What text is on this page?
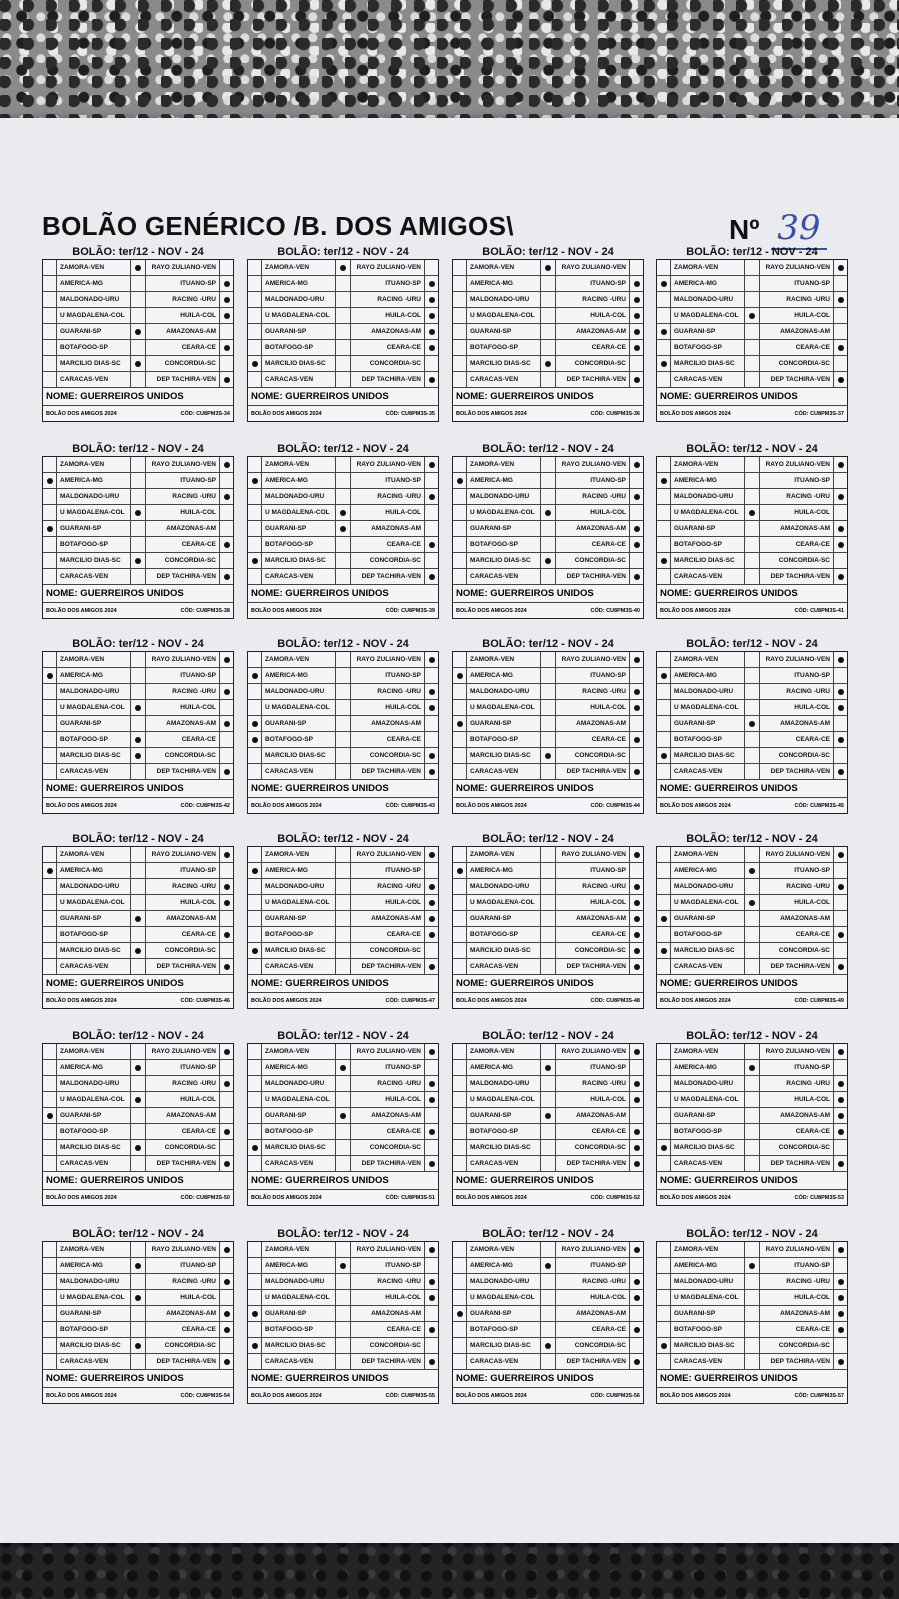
BOLÃO GENÉRICO /B. DOS AMIGOS\	Nº 39
BOLÃO: ter/12 - NOV - 24
ZAMORA-VEN	RAYO ZULIANO-VEN
AMERICA-MG	ITUANO-SP
MALDONADO-URU	RACING -URU
U MAGDALENA-COL	HUILA-COL
GUARANI-SP	AMAZONAS-AM
BOTAFOGO-SP	CEARA-CE
MARCILIO DIAS-SC	CONCORDIA-SC
CARACAS-VEN	DEP TACHIRA-VEN
NOME: GUERREIROS UNIDOS
BOLÃO DOS AMIGOS 2024	CÓD: CU8PM3S-34
BOLÃO: ter/12 - NOV - 24
ZAMORA-VEN	RAYO ZULIANO-VEN
AMERICA-MG	ITUANO-SP
MALDONADO-URU	RACING -URU
U MAGDALENA-COL	HUILA-COL
GUARANI-SP	AMAZONAS-AM
BOTAFOGO-SP	CEARA-CE
MARCILIO DIAS-SC	CONCORDIA-SC
CARACAS-VEN	DEP TACHIRA-VEN
NOME: GUERREIROS UNIDOS
BOLÃO DOS AMIGOS 2024	CÓD: CU8PM3S-35
BOLÃO: ter/12 - NOV - 24
ZAMORA-VEN	RAYO ZULIANO-VEN
AMERICA-MG	ITUANO-SP
MALDONADO-URU	RACING -URU
U MAGDALENA-COL	HUILA-COL
GUARANI-SP	AMAZONAS-AM
BOTAFOGO-SP	CEARA-CE
MARCILIO DIAS-SC	CONCORDIA-SC
CARACAS-VEN	DEP TACHIRA-VEN
NOME: GUERREIROS UNIDOS
BOLÃO DOS AMIGOS 2024	CÓD: CU8PM3S-36
BOLÃO: ter/12 - NOV - 24
ZAMORA-VEN	RAYO ZULIANO-VEN
AMERICA-MG	ITUANO-SP
MALDONADO-URU	RACING -URU
U MAGDALENA-COL	HUILA-COL
GUARANI-SP	AMAZONAS-AM
BOTAFOGO-SP	CEARA-CE
MARCILIO DIAS-SC	CONCORDIA-SC
CARACAS-VEN	DEP TACHIRA-VEN
NOME: GUERREIROS UNIDOS
BOLÃO DOS AMIGOS 2024	CÓD: CU8PM3S-37
BOLÃO: ter/12 - NOV - 24
ZAMORA-VEN	RAYO ZULIANO-VEN
AMERICA-MG	ITUANO-SP
MALDONADO-URU	RACING -URU
U MAGDALENA-COL	HUILA-COL
GUARANI-SP	AMAZONAS-AM
BOTAFOGO-SP	CEARA-CE
MARCILIO DIAS-SC	CONCORDIA-SC
CARACAS-VEN	DEP TACHIRA-VEN
NOME: GUERREIROS UNIDOS
BOLÃO DOS AMIGOS 2024	CÓD: CU8PM3S-38
BOLÃO: ter/12 - NOV - 24
ZAMORA-VEN	RAYO ZULIANO-VEN
AMERICA-MG	ITUANO-SP
MALDONADO-URU	RACING -URU
U MAGDALENA-COL	HUILA-COL
GUARANI-SP	AMAZONAS-AM
BOTAFOGO-SP	CEARA-CE
MARCILIO DIAS-SC	CONCORDIA-SC
CARACAS-VEN	DEP TACHIRA-VEN
NOME: GUERREIROS UNIDOS
BOLÃO DOS AMIGOS 2024	CÓD: CU8PM3S-39
BOLÃO: ter/12 - NOV - 24
ZAMORA-VEN	RAYO ZULIANO-VEN
AMERICA-MG	ITUANO-SP
MALDONADO-URU	RACING -URU
U MAGDALENA-COL	HUILA-COL
GUARANI-SP	AMAZONAS-AM
BOTAFOGO-SP	CEARA-CE
MARCILIO DIAS-SC	CONCORDIA-SC
CARACAS-VEN	DEP TACHIRA-VEN
NOME: GUERREIROS UNIDOS
BOLÃO DOS AMIGOS 2024	CÓD: CU8PM3S-40
BOLÃO: ter/12 - NOV - 24
ZAMORA-VEN	RAYO ZULIANO-VEN
AMERICA-MG	ITUANO-SP
MALDONADO-URU	RACING -URU
U MAGDALENA-COL	HUILA-COL
GUARANI-SP	AMAZONAS-AM
BOTAFOGO-SP	CEARA-CE
MARCILIO DIAS-SC	CONCORDIA-SC
CARACAS-VEN	DEP TACHIRA-VEN
NOME: GUERREIROS UNIDOS
BOLÃO DOS AMIGOS 2024	CÓD: CU8PM3S-41
BOLÃO: ter/12 - NOV - 24
ZAMORA-VEN	RAYO ZULIANO-VEN
AMERICA-MG	ITUANO-SP
MALDONADO-URU	RACING -URU
U MAGDALENA-COL	HUILA-COL
GUARANI-SP	AMAZONAS-AM
BOTAFOGO-SP	CEARA-CE
MARCILIO DIAS-SC	CONCORDIA-SC
CARACAS-VEN	DEP TACHIRA-VEN
NOME: GUERREIROS UNIDOS
BOLÃO DOS AMIGOS 2024	CÓD: CU8PM3S-42
BOLÃO: ter/12 - NOV - 24
ZAMORA-VEN	RAYO ZULIANO-VEN
AMERICA-MG	ITUANO-SP
MALDONADO-URU	RACING -URU
U MAGDALENA-COL	HUILA-COL
GUARANI-SP	AMAZONAS-AM
BOTAFOGO-SP	CEARA-CE
MARCILIO DIAS-SC	CONCORDIA-SC
CARACAS-VEN	DEP TACHIRA-VEN
NOME: GUERREIROS UNIDOS
BOLÃO DOS AMIGOS 2024	CÓD: CU8PM3S-43
BOLÃO: ter/12 - NOV - 24
ZAMORA-VEN	RAYO ZULIANO-VEN
AMERICA-MG	ITUANO-SP
MALDONADO-URU	RACING -URU
U MAGDALENA-COL	HUILA-COL
GUARANI-SP	AMAZONAS-AM
BOTAFOGO-SP	CEARA-CE
MARCILIO DIAS-SC	CONCORDIA-SC
CARACAS-VEN	DEP TACHIRA-VEN
NOME: GUERREIROS UNIDOS
BOLÃO DOS AMIGOS 2024	CÓD: CU8PM3S-44
BOLÃO: ter/12 - NOV - 24
ZAMORA-VEN	RAYO ZULIANO-VEN
AMERICA-MG	ITUANO-SP
MALDONADO-URU	RACING -URU
U MAGDALENA-COL	HUILA-COL
GUARANI-SP	AMAZONAS-AM
BOTAFOGO-SP	CEARA-CE
MARCILIO DIAS-SC	CONCORDIA-SC
CARACAS-VEN	DEP TACHIRA-VEN
NOME: GUERREIROS UNIDOS
BOLÃO DOS AMIGOS 2024	CÓD: CU8PM3S-45
BOLÃO: ter/12 - NOV - 24
ZAMORA-VEN	RAYO ZULIANO-VEN
AMERICA-MG	ITUANO-SP
MALDONADO-URU	RACING -URU
U MAGDALENA-COL	HUILA-COL
GUARANI-SP	AMAZONAS-AM
BOTAFOGO-SP	CEARA-CE
MARCILIO DIAS-SC	CONCORDIA-SC
CARACAS-VEN	DEP TACHIRA-VEN
NOME: GUERREIROS UNIDOS
BOLÃO DOS AMIGOS 2024	CÓD: CU8PM3S-46
BOLÃO: ter/12 - NOV - 24
ZAMORA-VEN	RAYO ZULIANO-VEN
AMERICA-MG	ITUANO-SP
MALDONADO-URU	RACING -URU
U MAGDALENA-COL	HUILA-COL
GUARANI-SP	AMAZONAS-AM
BOTAFOGO-SP	CEARA-CE
MARCILIO DIAS-SC	CONCORDIA-SC
CARACAS-VEN	DEP TACHIRA-VEN
NOME: GUERREIROS UNIDOS
BOLÃO DOS AMIGOS 2024	CÓD: CU8PM3S-47
BOLÃO: ter/12 - NOV - 24
ZAMORA-VEN	RAYO ZULIANO-VEN
AMERICA-MG	ITUANO-SP
MALDONADO-URU	RACING -URU
U MAGDALENA-COL	HUILA-COL
GUARANI-SP	AMAZONAS-AM
BOTAFOGO-SP	CEARA-CE
MARCILIO DIAS-SC	CONCORDIA-SC
CARACAS-VEN	DEP TACHIRA-VEN
NOME: GUERREIROS UNIDOS
BOLÃO DOS AMIGOS 2024	CÓD: CU8PM3S-48
BOLÃO: ter/12 - NOV - 24
ZAMORA-VEN	RAYO ZULIANO-VEN
AMERICA-MG	ITUANO-SP
MALDONADO-URU	RACING -URU
U MAGDALENA-COL	HUILA-COL
GUARANI-SP	AMAZONAS-AM
BOTAFOGO-SP	CEARA-CE
MARCILIO DIAS-SC	CONCORDIA-SC
CARACAS-VEN	DEP TACHIRA-VEN
NOME: GUERREIROS UNIDOS
BOLÃO DOS AMIGOS 2024	CÓD: CU8PM3S-49
BOLÃO: ter/12 - NOV - 24
ZAMORA-VEN	RAYO ZULIANO-VEN
AMERICA-MG	ITUANO-SP
MALDONADO-URU	RACING -URU
U MAGDALENA-COL	HUILA-COL
GUARANI-SP	AMAZONAS-AM
BOTAFOGO-SP	CEARA-CE
MARCILIO DIAS-SC	CONCORDIA-SC
CARACAS-VEN	DEP TACHIRA-VEN
NOME: GUERREIROS UNIDOS
BOLÃO DOS AMIGOS 2024	CÓD: CU8PM3S-50
BOLÃO: ter/12 - NOV - 24
ZAMORA-VEN	RAYO ZULIANO-VEN
AMERICA-MG	ITUANO-SP
MALDONADO-URU	RACING -URU
U MAGDALENA-COL	HUILA-COL
GUARANI-SP	AMAZONAS-AM
BOTAFOGO-SP	CEARA-CE
MARCILIO DIAS-SC	CONCORDIA-SC
CARACAS-VEN	DEP TACHIRA-VEN
NOME: GUERREIROS UNIDOS
BOLÃO DOS AMIGOS 2024	CÓD: CU8PM3S-51
BOLÃO: ter/12 - NOV - 24
ZAMORA-VEN	RAYO ZULIANO-VEN
AMERICA-MG	ITUANO-SP
MALDONADO-URU	RACING -URU
U MAGDALENA-COL	HUILA-COL
GUARANI-SP	AMAZONAS-AM
BOTAFOGO-SP	CEARA-CE
MARCILIO DIAS-SC	CONCORDIA-SC
CARACAS-VEN	DEP TACHIRA-VEN
NOME: GUERREIROS UNIDOS
BOLÃO DOS AMIGOS 2024	CÓD: CU8PM3S-52
BOLÃO: ter/12 - NOV - 24
ZAMORA-VEN	RAYO ZULIANO-VEN
AMERICA-MG	ITUANO-SP
MALDONADO-URU	RACING -URU
U MAGDALENA-COL	HUILA-COL
GUARANI-SP	AMAZONAS-AM
BOTAFOGO-SP	CEARA-CE
MARCILIO DIAS-SC	CONCORDIA-SC
CARACAS-VEN	DEP TACHIRA-VEN
NOME: GUERREIROS UNIDOS
BOLÃO DOS AMIGOS 2024	CÓD: CU8PM3S-53
BOLÃO: ter/12 - NOV - 24
ZAMORA-VEN	RAYO ZULIANO-VEN
AMERICA-MG	ITUANO-SP
MALDONADO-URU	RACING -URU
U MAGDALENA-COL	HUILA-COL
GUARANI-SP	AMAZONAS-AM
BOTAFOGO-SP	CEARA-CE
MARCILIO DIAS-SC	CONCORDIA-SC
CARACAS-VEN	DEP TACHIRA-VEN
NOME: GUERREIROS UNIDOS
BOLÃO DOS AMIGOS 2024	CÓD: CU8PM3S-54
BOLÃO: ter/12 - NOV - 24
ZAMORA-VEN	RAYO ZULIANO-VEN
AMERICA-MG	ITUANO-SP
MALDONADO-URU	RACING -URU
U MAGDALENA-COL	HUILA-COL
GUARANI-SP	AMAZONAS-AM
BOTAFOGO-SP	CEARA-CE
MARCILIO DIAS-SC	CONCORDIA-SC
CARACAS-VEN	DEP TACHIRA-VEN
NOME: GUERREIROS UNIDOS
BOLÃO DOS AMIGOS 2024	CÓD: CU8PM3S-55
BOLÃO: ter/12 - NOV - 24
ZAMORA-VEN	RAYO ZULIANO-VEN
AMERICA-MG	ITUANO-SP
MALDONADO-URU	RACING -URU
U MAGDALENA-COL	HUILA-COL
GUARANI-SP	AMAZONAS-AM
BOTAFOGO-SP	CEARA-CE
MARCILIO DIAS-SC	CONCORDIA-SC
CARACAS-VEN	DEP TACHIRA-VEN
NOME: GUERREIROS UNIDOS
BOLÃO DOS AMIGOS 2024	CÓD: CU8PM3S-56
BOLÃO: ter/12 - NOV - 24
ZAMORA-VEN	RAYO ZULIANO-VEN
AMERICA-MG	ITUANO-SP
MALDONADO-URU	RACING -URU
U MAGDALENA-COL	HUILA-COL
GUARANI-SP	AMAZONAS-AM
BOTAFOGO-SP	CEARA-CE
MARCILIO DIAS-SC	CONCORDIA-SC
CARACAS-VEN	DEP TACHIRA-VEN
NOME: GUERREIROS UNIDOS
BOLÃO DOS AMIGOS 2024	CÓD: CU8PM3S-57
